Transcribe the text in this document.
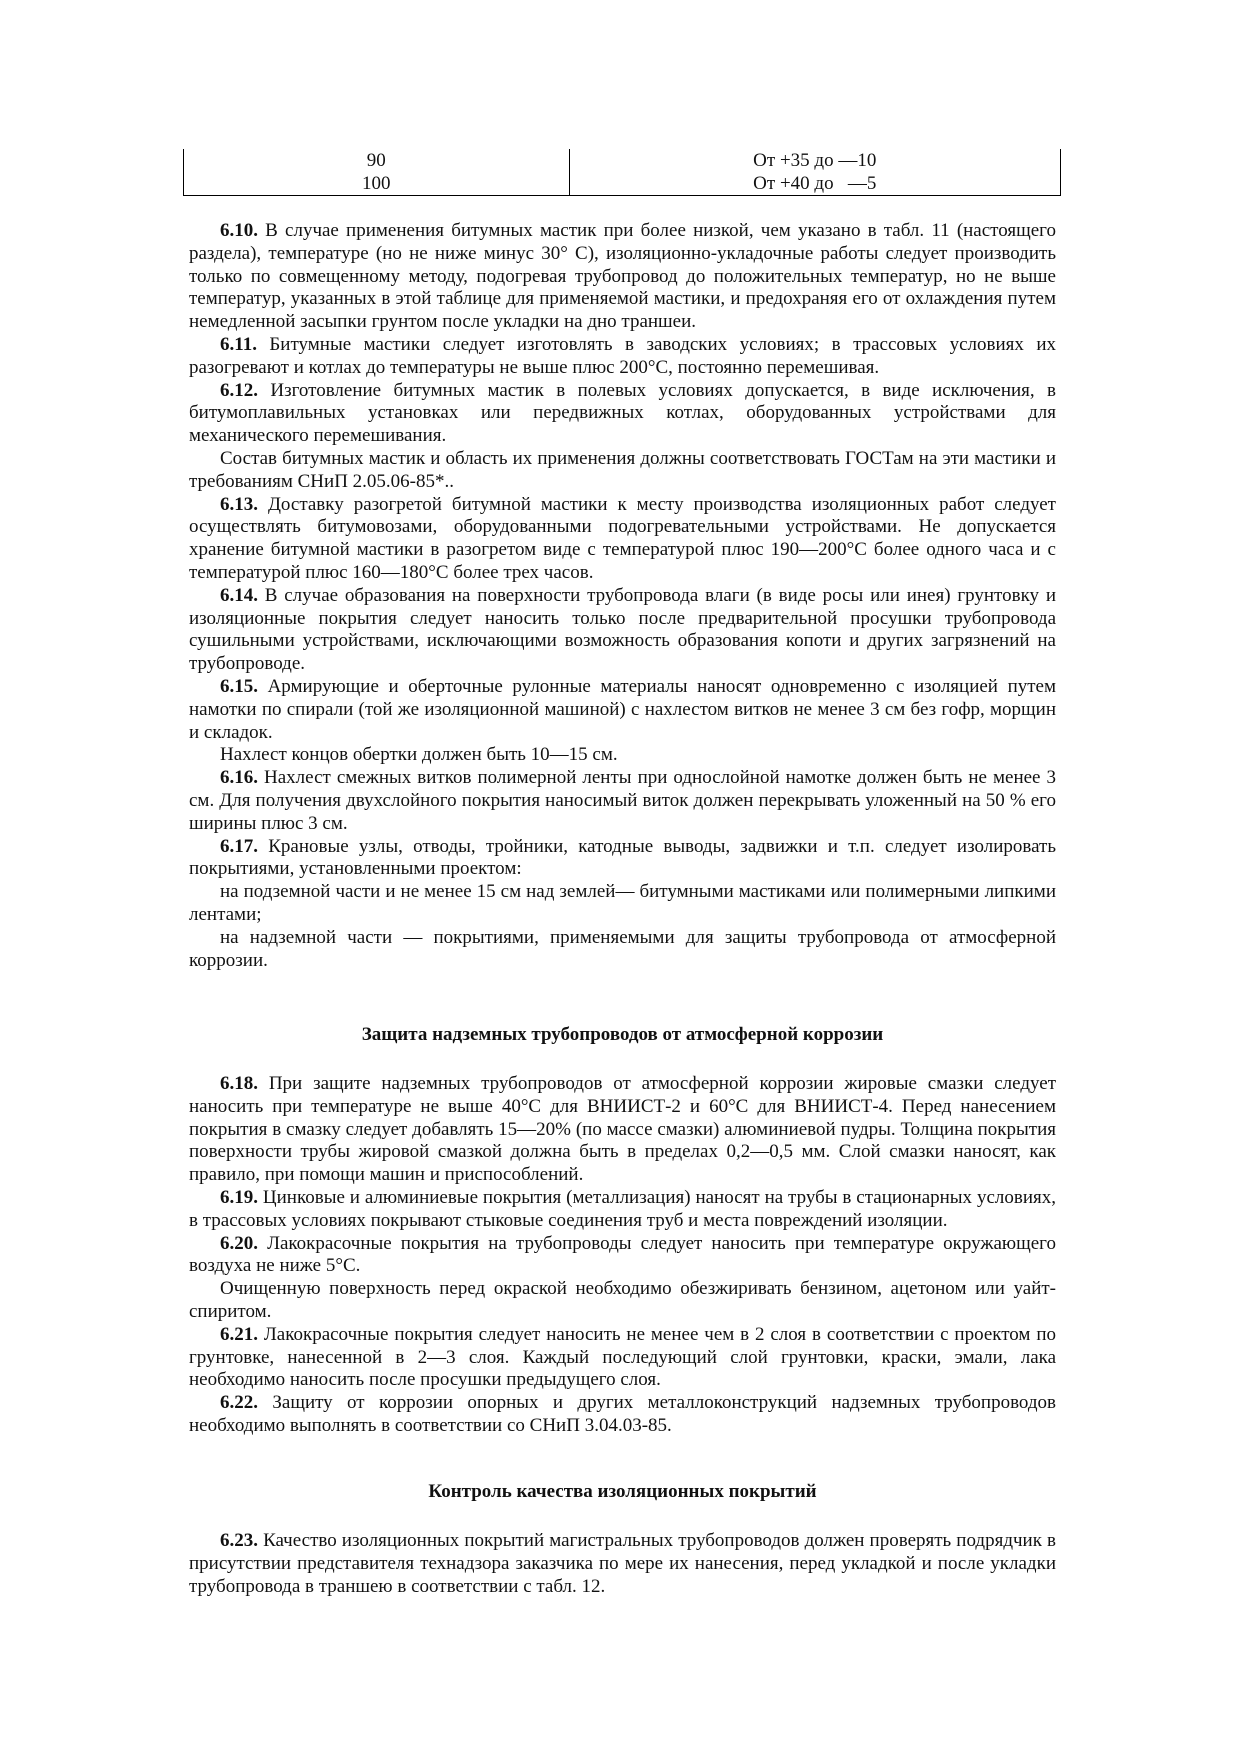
90	От +35 до —10
100	От +40 до   —5

6.10. В случае применения битумных мастик при более низкой, чем указано в табл. 11 (настоящего раздела), температуре (но не ниже минус 30° С), изоляционно-укладочные работы следует производить только по совмещенному методу, подогревая трубопровод до положительных температур, но не выше температур, указанных в этой таблице для применяемой мастики, и предохраняя его от охлаждения путем немедленной засыпки грунтом после укладки на дно траншеи.

6.11. Битумные мастики следует изготовлять в заводских условиях; в трассовых условиях их разогревают и котлах до температуры не выше плюс 200°С, постоянно перемешивая.

6.12. Изготовление битумных мастик в полевых условиях допускается, в виде исключения, в битумоплавильных установках или передвижных котлах, оборудованных устройствами для механического перемешивания.

Состав битумных мастик и область их применения должны соответствовать ГОСТам на эти мастики и требованиям СНиП 2.05.06-85*..

6.13. Доставку разогретой битумной мастики к месту производства изоляционных работ следует осуществлять битумовозами, оборудованными подогревательными устройствами. Не допускается хранение битумной мастики в разогретом виде с температурой плюс 190—200°С более одного часа и с температурой плюс 160—180°С более трех часов.

6.14. В случае образования на поверхности трубопровода влаги (в виде росы или инея) грунтовку и изоляционные покрытия следует наносить только после предварительной просушки трубопровода сушильными устройствами, исключающими возможность образования копоти и других загрязнений на трубопроводе.

6.15. Армирующие и оберточные рулонные материалы наносят одновременно с изоляцией путем намотки по спирали (той же изоляционной машиной) с нахлестом витков не менее 3 см без гофр, морщин и складок.

Нахлест концов обертки должен быть 10—15 см.

6.16. Нахлест смежных витков полимерной ленты при однослойной намотке должен быть не менее 3 см. Для получения двухслойного покрытия наносимый виток должен перекрывать уложенный на 50 % его ширины плюс 3 см.

6.17. Крановые узлы, отводы, тройники, катодные выводы, задвижки и т.п. следует изолировать покрытиями, установленными проектом:

на подземной части и не менее 15 см над землей— битумными мастиками или полимерными липкими лентами;

на надземной части — покрытиями, применяемыми для защиты трубопровода от атмосферной коррозии.

Защита надземных трубопроводов от атмосферной коррозии

6.18. При защите надземных трубопроводов от атмосферной коррозии жировые смазки следует наносить при температуре не выше 40°С для ВНИИСТ-2 и 60°С для ВНИИСТ-4. Перед нанесением покрытия в смазку следует добавлять 15—20% (по массе смазки) алюминиевой пудры. Толщина покрытия поверхности трубы жировой смазкой должна быть в пределах 0,2—0,5 мм. Слой смазки наносят, как правило, при помощи машин и приспособлений.

6.19. Цинковые и алюминиевые покрытия (металлизация) наносят на трубы в стационарных условиях, в трассовых условиях покрывают стыковые соединения труб и места повреждений изоляции.

6.20. Лакокрасочные покрытия на трубопроводы следует наносить при температуре окружающего воздуха не ниже 5°С.

Очищенную поверхность перед окраской необходимо обезжиривать бензином, ацетоном или уайт-спиритом.

6.21. Лакокрасочные покрытия следует наносить не менее чем в 2 слоя в соответствии с проектом по грунтовке, нанесенной в 2—3 слоя. Каждый последующий слой грунтовки, краски, эмали, лака необходимо наносить после просушки предыдущего слоя.

6.22. Защиту от коррозии опорных и других металлоконструкций надземных трубопроводов необходимо выполнять в соответствии со СНиП 3.04.03-85.

Контроль качества изоляционных покрытий

6.23. Качество изоляционных покрытий магистральных трубопроводов должен проверять подрядчик в присутствии представителя технадзора заказчика по мере их нанесения, перед укладкой и после укладки трубопровода в траншею в соответствии с табл. 12.
